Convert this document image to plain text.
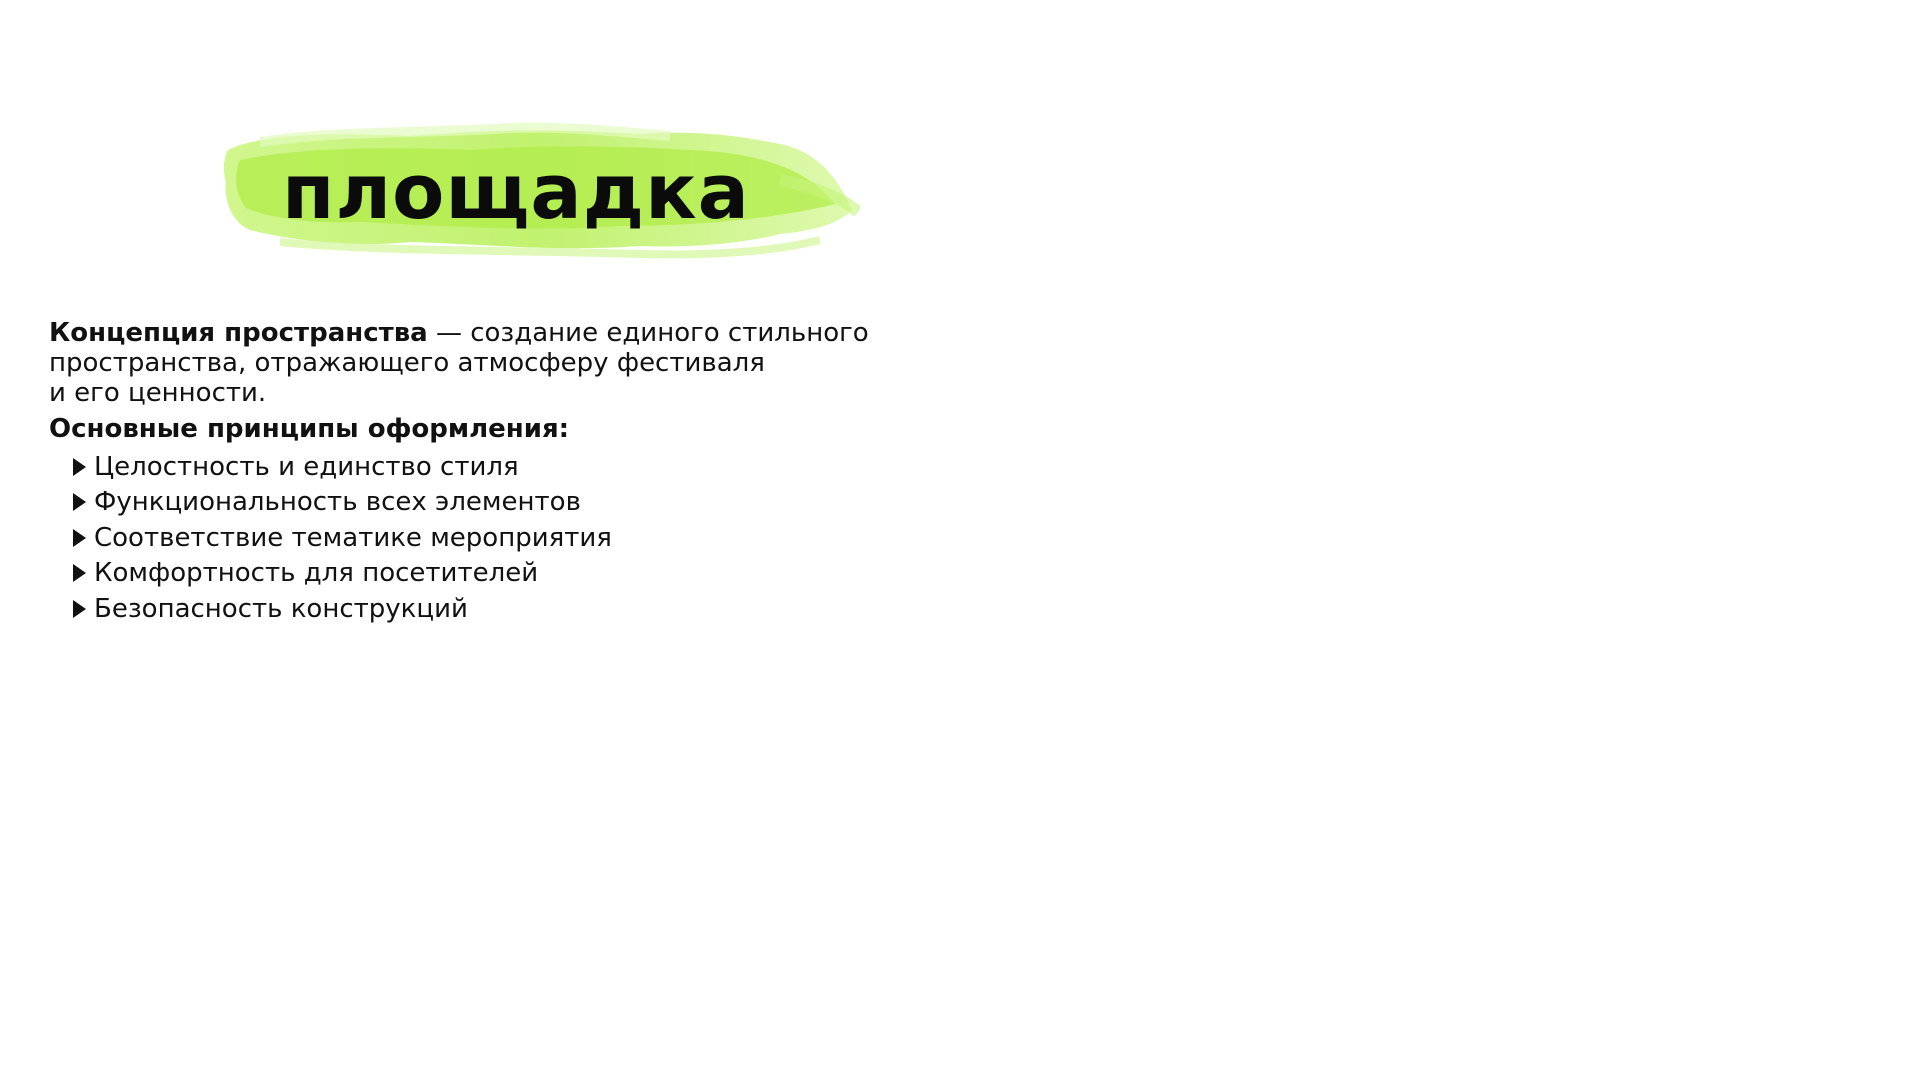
площадка

Концепция пространства — создание единого стильного
пространства, отражающего атмосферу фестиваля
и его ценности.

Основные принципы оформления:

Целостность и единство стиля
Функциональность всех элементов
Соответствие тематике мероприятия
Комфортность для посетителей
Безопасность конструкций
